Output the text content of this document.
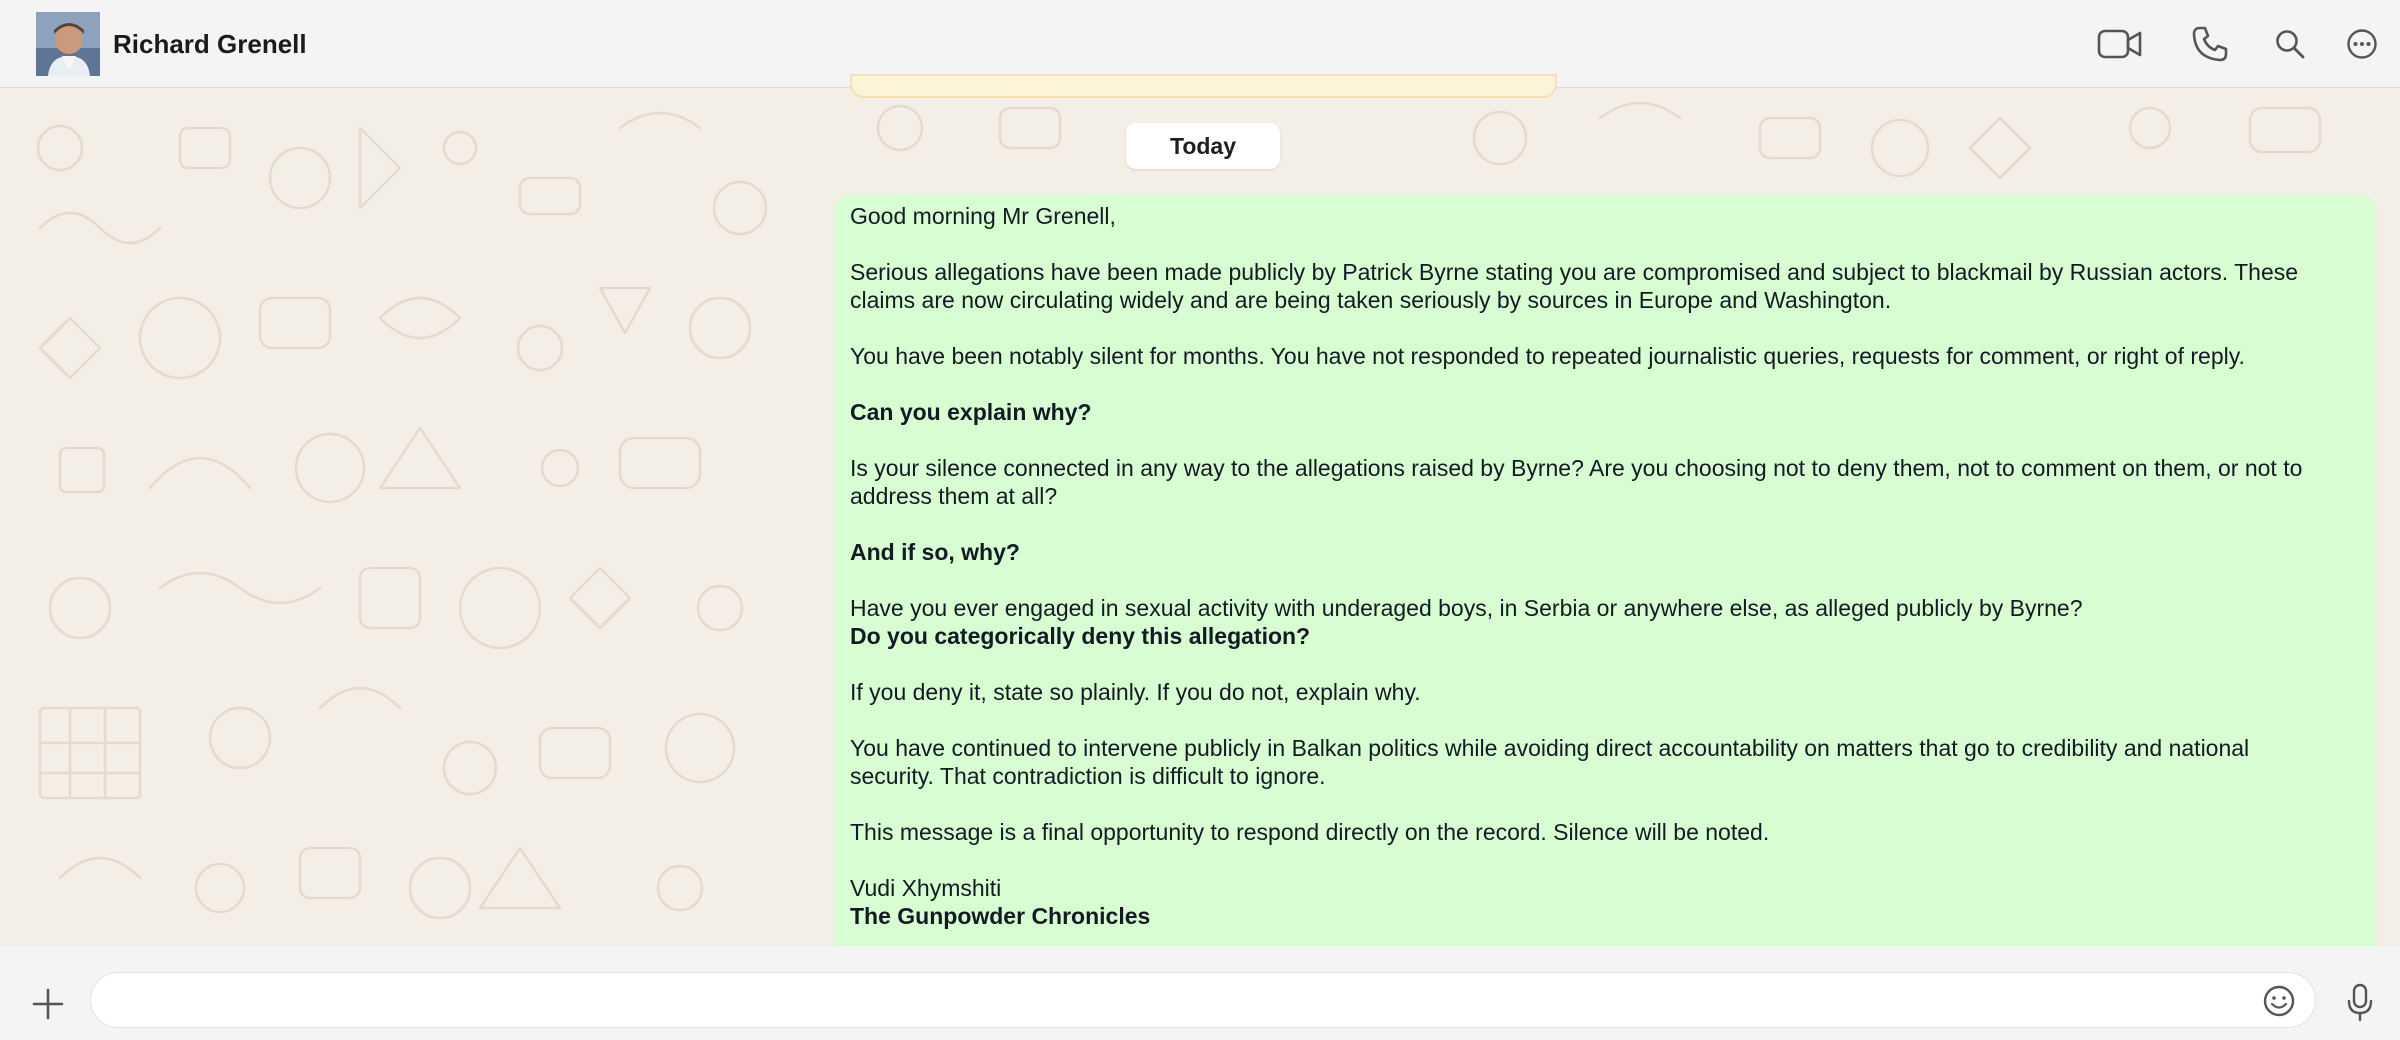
Richard Grenell
Today
Good morning Mr Grenell,
Serious allegations have been made publicly by Patrick Byrne stating you are compromised and subject to blackmail by Russian actors. These
claims are now circulating widely and are being taken seriously by sources in Europe and Washington.
You have been notably silent for months. You have not responded to repeated journalistic queries, requests for comment, or right of reply.
Can you explain why?
Is your silence connected in any way to the allegations raised by Byrne? Are you choosing not to deny them, not to comment on them, or not to
address them at all?
And if so, why?
Have you ever engaged in sexual activity with underaged boys, in Serbia or anywhere else, as alleged publicly by Byrne?
Do you categorically deny this allegation?
If you deny it, state so plainly. If you do not, explain why.
You have continued to intervene publicly in Balkan politics while avoiding direct accountability on matters that go to credibility and national
security. That contradiction is difficult to ignore.
This message is a final opportunity to respond directly on the record. Silence will be noted.
Vudi Xhymshiti
The Gunpowder Chronicles
